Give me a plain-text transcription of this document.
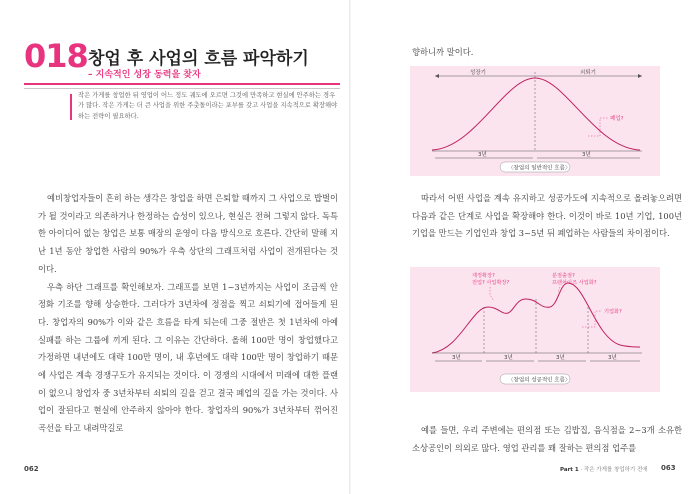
018 창업 후 사업의 흐름 파악하기
– 지속적인 성장 동력을 찾자
작은 가게를 창업한 뒤 영업이 어느 정도 궤도에 오르면 그것에 만족하고 현실에 안주하는 경우가 많다. 작은 가게는 더 큰 사업을 위한 주춧돌이라는 포부를 갖고 사업을 지속적으로 확장해야 하는 전략이 필요하다.

예비창업자들이 흔히 하는 생각은 창업을 하면 은퇴할 때까지 그 사업으로 밥벌이가 될 것이라고 의존하거나 한정하는 습성이 있으나, 현실은 전혀 그렇지 않다. 독특한 아이디어 없는 창업은 보통 매장의 운영이 다음 방식으로 흐른다. 간단히 말해 지난 1년 동안 창업한 사람의 90%가 우측 상단의 그래프처럼 사업이 전개된다는 것이다.

우측 하단 그래프를 확인해보자. 그래프를 보면 1~3년까지는 사업이 조금씩 안정화 기조를 향해 상승한다. 그러다가 3년차에 정점을 찍고 쇠퇴기에 접어들게 된다. 창업자의 90%가 이와 같은 흐름을 타게 되는데 그중 절반은 첫 1년차에 아예 실패를 하는 그룹에 끼게 된다. 그 이유는 간단하다. 올해 100만 명이 창업했다고 가정하면 내년에도 대략 100만 명이, 내 후년에도 대략 100만 명이 창업하기 때문에 사업은 계속 경쟁구도가 유지되는 것이다. 이 경쟁의 시대에서 미래에 대한 플랜이 없으니 창업자 중 3년차부터 쇠퇴의 길을 걷고 결국 폐업의 길을 가는 것이다. 사업이 잘된다고 현실에 안주하지 않아야 한다. 창업자의 90%가 3년차부터 꺾어진 곡선을 타고 내려막길로

062
향하니까 말이다.
성장기	쇠퇴기
폐업?
3년	3년
〈창업의 일반적인 흐름〉

따라서 어떤 사업을 계속 유지하고 성공가도에 지속적으로 올려놓으려면 다음과 같은 단계로 사업을 확장해야 한다. 이것이 바로 10년 기업, 100년 기업을 만드는 기업인과 창업 3~5년 뒤 폐업하는 사람들의 차이점이다.

재정확장?
전업? 사업확장?
분점출점?
프랜차이즈 사업화?
기업화?
3년	3년	3년	3년
〈창업의 성공적인 흐름〉
예를 들면, 우리 주변에는 편의점 또는 김밥집, 음식점을 2~3개 소유한 소상공인이 의외로 많다. 영업 관리를 꽤 잘하는 편의점 업주를
Part 1 · 작은 가게를 창업하기 전에 063
